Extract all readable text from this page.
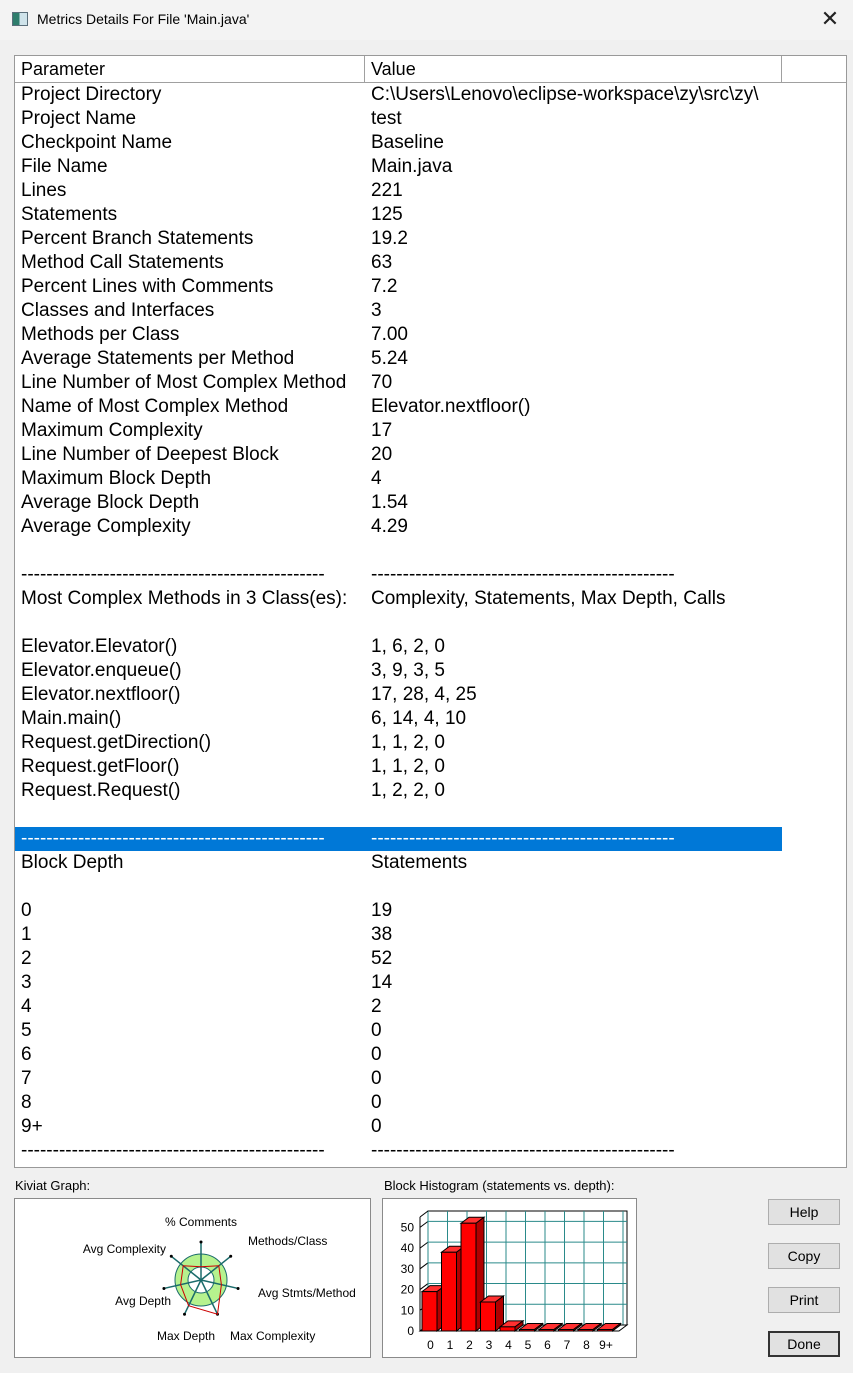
Metrics Details For File 'Main.java'	✕
Parameter	Value
Project Directory	C:\Users\Lenovo\eclipse-workspace\zy\src\zy\
Project Name	test
Checkpoint Name	Baseline
File Name	Main.java
Lines	221
Statements	125
Percent Branch Statements	19.2
Method Call Statements	63
Percent Lines with Comments	7.2
Classes and Interfaces	3
Methods per Class	7.00
Average Statements per Method	5.24
Line Number of Most Complex Method 70
Name of Most Complex Method	Elevator.nextfloor()
Maximum Complexity	17
Line Number of Deepest Block	20
Maximum Block Depth	4
Average Block Depth	1.54
Average Complexity	4.29
------------------------------------------------ ------------------------------------------------
Most Complex Methods in 3 Class(es): Complexity, Statements, Max Depth, Calls
Elevator.Elevator()	1, 6, 2, 0
Elevator.enqueue()	3, 9, 3, 5
Elevator.nextfloor()	17, 28, 4, 25
Main.main()	6, 14, 4, 10
Request.getDirection()	1, 1, 2, 0
Request.getFloor()	1, 1, 2, 0
Request.Request()	1, 2, 2, 0
------------------------------------------------ ------------------------------------------------
Block Depth	Statements
0	19
1	38
2	52
3	14
4	2
5	0
6	0
7	0
8	0
9+	0
------------------------------------------------ ------------------------------------------------
Kiviat Graph:
% Comments
Methods/Class
Avg Stmts/Method
Max Complexity
Max Depth
Avg Depth
Avg Complexity
Block Histogram (statements vs. depth):
0
10
20
30
40
50
0 1 2 3 4 5 6 7 8 9+
Help
Copy
Print
Done
